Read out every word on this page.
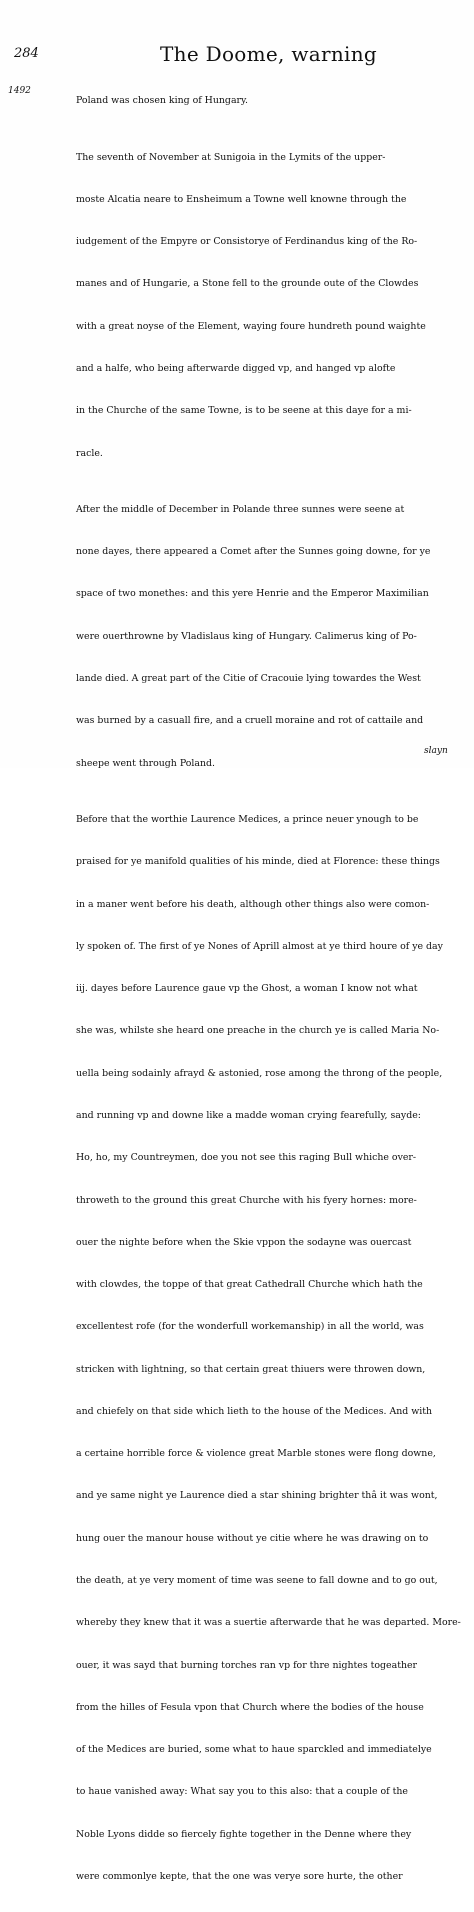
284	The Doome, warning
1492

Poland was chosen king of Hungary.

The seventh of November at Sunigoia in the Lymits of the upper-

moste Alcatia neare to Ensheimum a Towne well knowne through the

iudgement of the Empyre or Consistorye of Ferdinandus king of the Ro-

manes and of Hungarie, a Stone fell to the grounde oute of the Clowdes

with a great noyse of the Element, waying foure hundreth pound waighte

and a halfe, who being afterwarde digged vp, and hanged vp alofte

in the Churche of the same Towne, is to be seene at this daye for a mi-

racle.

After the middle of December in Polande three sunnes were seene at

none dayes, there appeared a Comet after the Sunnes going downe, for ye

space of two monethes: and this yere Henrie and the Emperor Maximilian

were ouerthrowne by Vladislaus king of Hungary. Calimerus king of Po-

lande died. A great part of the Citie of Cracouie lying towardes the West

was burned by a casuall fire, and a cruell moraine and rot of cattaile and

sheepe went through Poland.

Before that the worthie Laurence Medices, a prince neuer ynough to be

praised for ye manifold qualities of his minde, died at Florence: these things

in a maner went before his death, although other things also were comon-

ly spoken of. The first of ye Nones of Aprill almost at ye third houre of ye day

iij. dayes before Laurence gaue vp the Ghost, a woman I know not what

she was, whilste she heard one preache in the church ye is called Maria No-

uella being sodainly afrayd & astonied, rose among the throng of the people,

and running vp and downe like a madde woman crying fearefully, sayde:

Ho, ho, my Countreymen, doe you not see this raging Bull whiche over-

throweth to the ground this great Churche with his fyery hornes: more-

ouer the nighte before when the Skie vppon the sodayne was ouercast

with clowdes, the toppe of that great Cathedrall Churche which hath the

excellentest rofe (for the wonderfull workemanship) in all the world, was

stricken with lightning, so that certain great thiuers were throwen down,

and chiefely on that side which lieth to the house of the Medices. And with

a certaine horrible force & violence great Marble stones were flong downe,

and ye same night ye Laurence died a star shining brighter thâ it was wont,

hung ouer the manour house without ye citie where he was drawing on to

the death, at ye very moment of time was seene to fall downe and to go out,

whereby they knew that it was a suertie afterwarde that he was departed. More-

ouer, it was sayd that burning torches ran vp for thre nightes togeather

from the hilles of Fesula vpon that Church where the bodies of the house

of the Medices are buried, some what to haue sparckled and immediatelye

to haue vanished away: What say you to this also: that a couple of the

Noble Lyons didde so fiercely fighte together in the Denne where they

were commonlye kepte, that the one was verye sore hurte, the other

slayn
